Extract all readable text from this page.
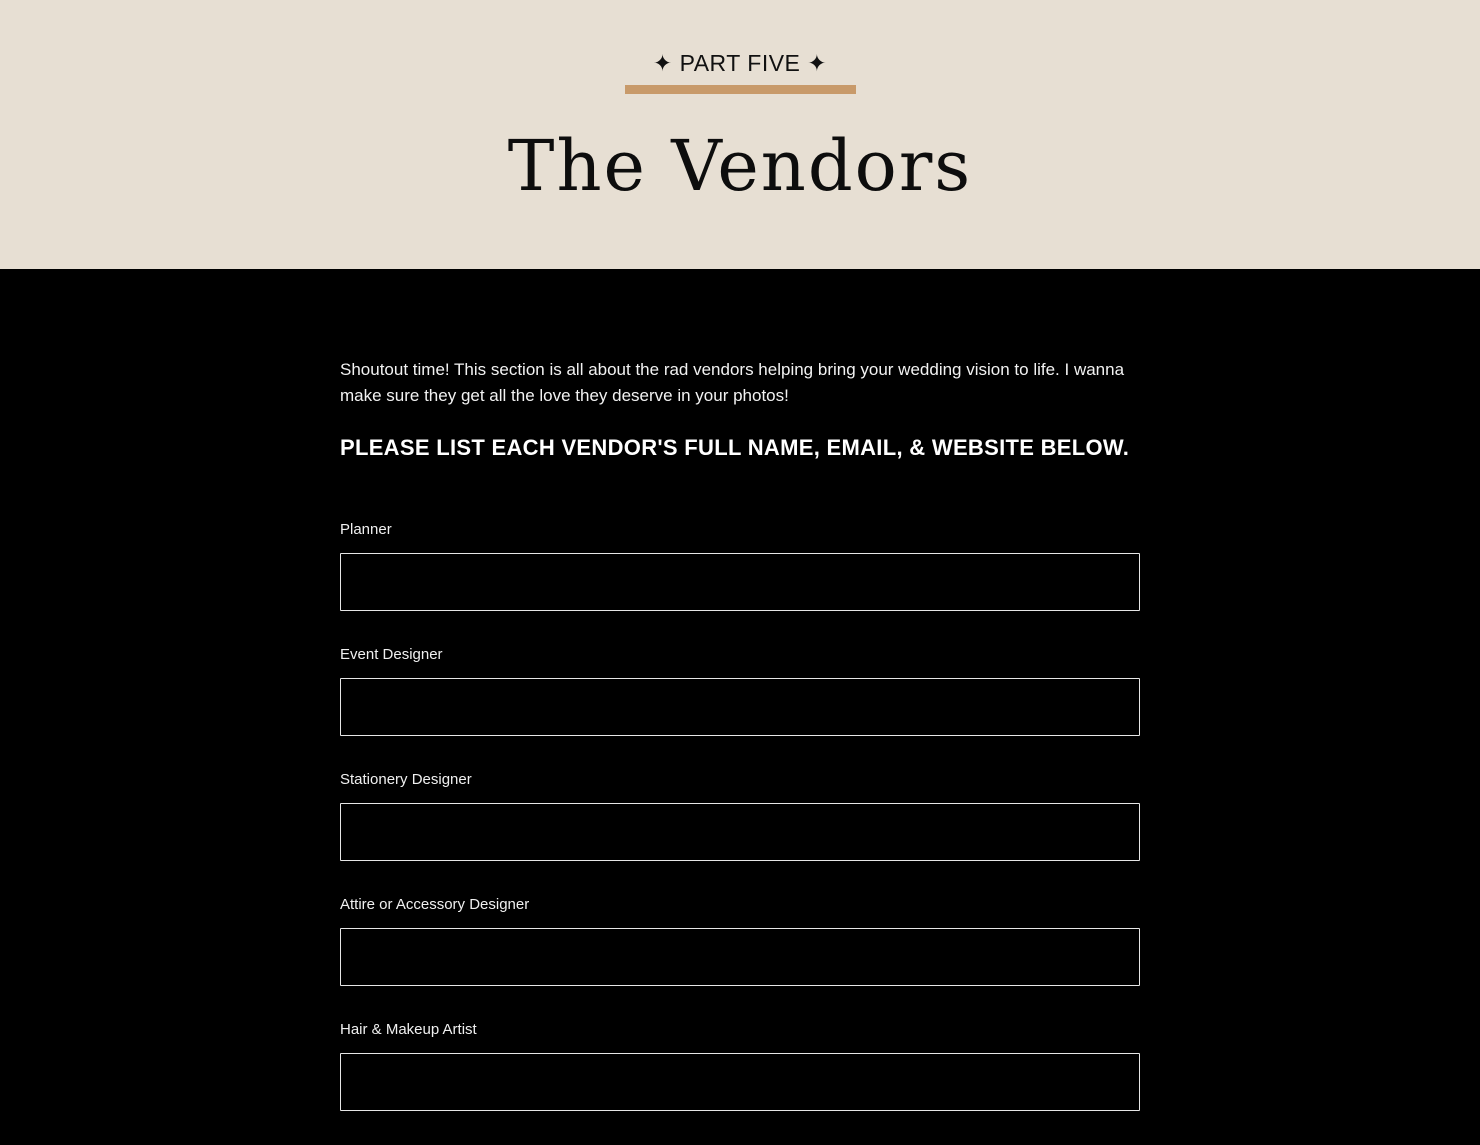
✦ PART FIVE ✦
The Vendors

Shoutout time! This section is all about the rad vendors helping bring your wedding vision to life. I wanna make sure they get all the love they deserve in your photos!

PLEASE LIST EACH VENDOR'S FULL NAME, EMAIL, & WEBSITE BELOW.
Planner
Event Designer
Stationery Designer
Attire or Accessory Designer
Hair & Makeup Artist
